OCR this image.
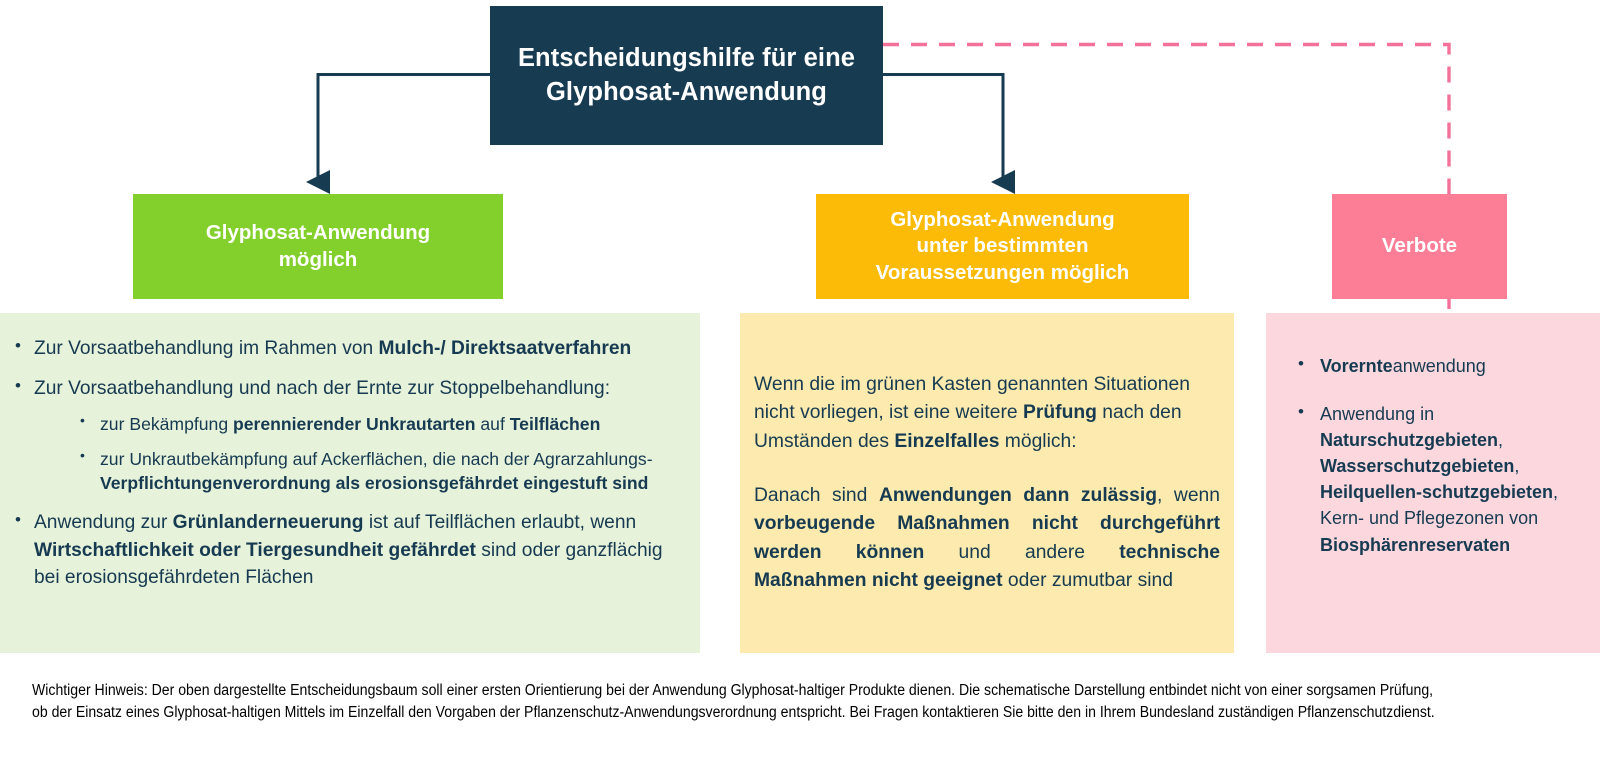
Entscheidungshilfe für eine
Glyphosat-Anwendung
Glyphosat-Anwendung
möglich
Glyphosat-Anwendung
unter bestimmten
Voraussetzungen möglich
Verbote
• Zur Vorsaatbehandlung im Rahmen von Mulch-/ Direktsaatverfahren
• Zur Vorsaatbehandlung und nach der Ernte zur Stoppelbehandlung:
• zur Bekämpfung perennierender Unkrautarten auf Teilflächen
• zur Unkrautbekämpfung auf Ackerflächen, die nach der Agrarzahlungs-Verpflichtungenverordnung als erosionsgefährdet eingestuft sind
• Anwendung zur Grünlanderneuerung ist auf Teilflächen erlaubt, wenn Wirtschaftlichkeit oder Tiergesundheit gefährdet sind oder ganzflächig bei erosionsgefährdeten Flächen
Wenn die im grünen Kasten genannten Situationen nicht vorliegen, ist eine weitere Prüfung nach den Umständen des Einzelfalles möglich:
Danach sind Anwendungen dann zulässig, wenn vorbeugende Maßnahmen nicht durchgeführt werden können und andere technische Maßnahmen nicht geeignet oder zumutbar sind
• Vorernteanwendung
• Anwendung in Naturschutzgebieten, Wasserschutzgebieten, Heilquellen-schutzgebieten, Kern- und Pflegezonen von Biosphärenreservaten
Wichtiger Hinweis: Der oben dargestellte Entscheidungsbaum soll einer ersten Orientierung bei der Anwendung Glyphosat-haltiger Produkte dienen. Die schematische Darstellung entbindet nicht von einer sorgsamen Prüfung, ob der Einsatz eines Glyphosat-haltigen Mittels im Einzelfall den Vorgaben der Pflanzenschutz-Anwendungsverordnung entspricht. Bei Fragen kontaktieren Sie bitte den in Ihrem Bundesland zuständigen Pflanzenschutzdienst.
